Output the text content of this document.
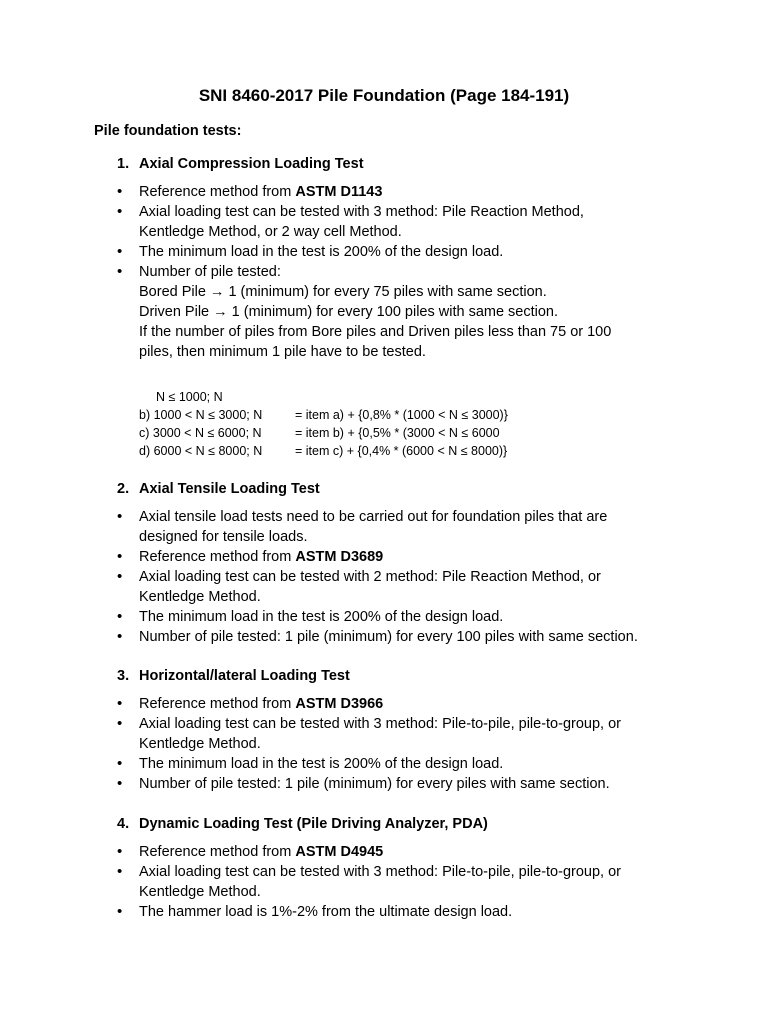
SNI 8460-2017 Pile Foundation (Page 184-191)
Pile foundation tests:
1. Axial Compression Loading Test
• Reference method from ASTM D1143
• Axial loading test can be tested with 3 method: Pile Reaction Method,
Kentledge Method, or 2 way cell Method.
• The minimum load in the test is 200% of the design load.
• Number of pile tested:
Bored Pile → 1 (minimum) for every 75 piles with same section.
Driven Pile → 1 (minimum) for every 100 piles with same section.
If the number of piles from Bore piles and Driven piles less than 75 or 100
piles, then minimum 1 pile have to be tested.
N ≤ 1000; N
b) 1000 < N ≤ 3000; N	= item a) + {0,8% * (1000 < N ≤ 3000)}
c) 3000 < N ≤ 6000; N	= item b) + {0,5% * (3000 < N ≤ 6000
d) 6000 < N ≤ 8000; N	= item c) + {0,4% * (6000 < N ≤ 8000)}
2. Axial Tensile Loading Test
• Axial tensile load tests need to be carried out for foundation piles that are
designed for tensile loads.
• Reference method from ASTM D3689
• Axial loading test can be tested with 2 method: Pile Reaction Method, or
Kentledge Method.
• The minimum load in the test is 200% of the design load.
• Number of pile tested: 1 pile (minimum) for every 100 piles with same section.
3. Horizontal/lateral Loading Test
• Reference method from ASTM D3966
• Axial loading test can be tested with 3 method: Pile-to-pile, pile-to-group, or
Kentledge Method.
• The minimum load in the test is 200% of the design load.
• Number of pile tested: 1 pile (minimum) for every piles with same section.
4. Dynamic Loading Test (Pile Driving Analyzer, PDA)
• Reference method from ASTM D4945
• Axial loading test can be tested with 3 method: Pile-to-pile, pile-to-group, or
Kentledge Method.
• The hammer load is 1%-2% from the ultimate design load.
